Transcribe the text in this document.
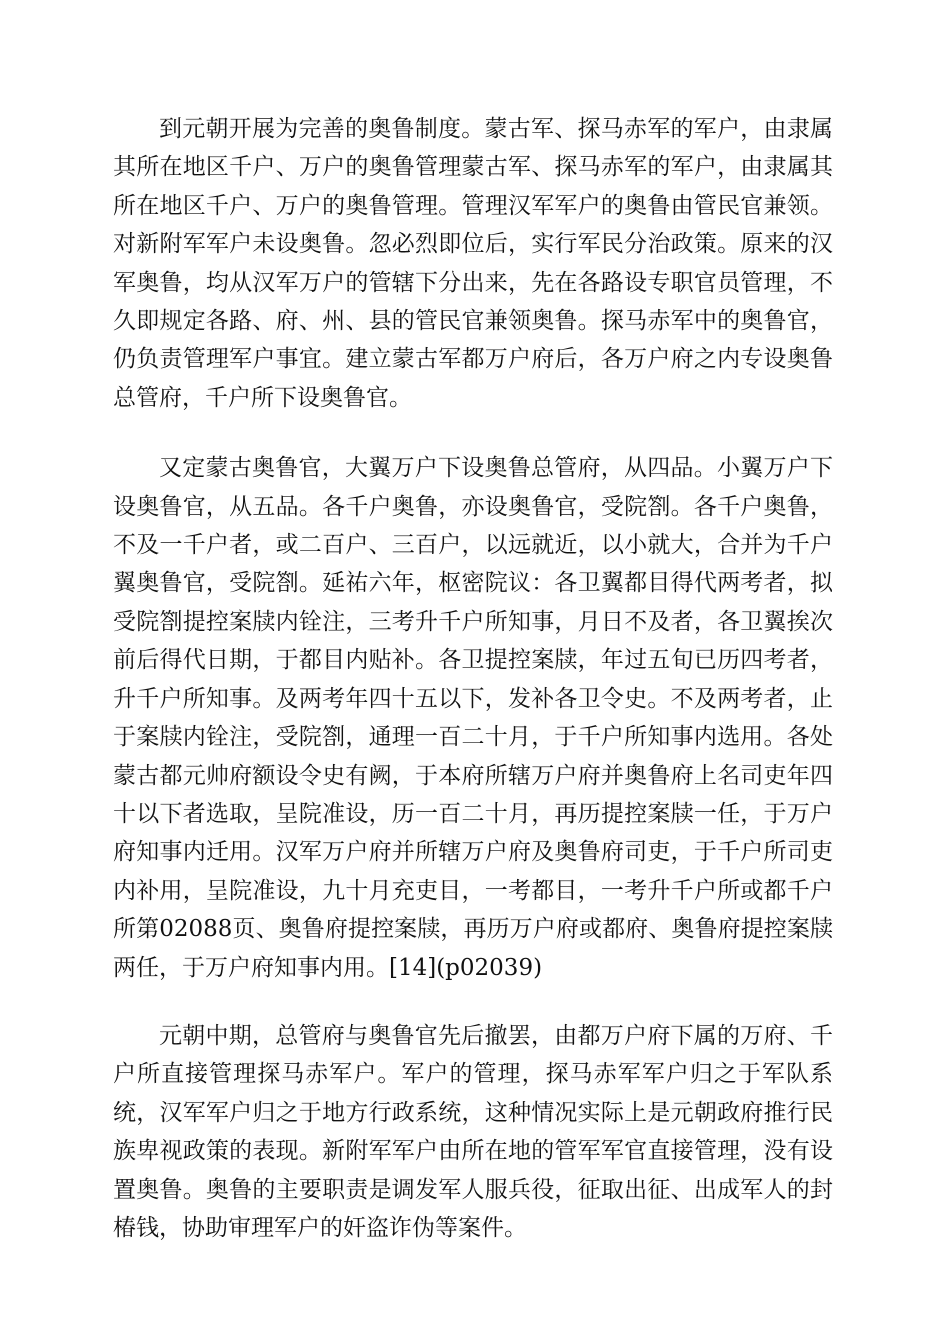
到元朝开展为完善的奥鲁制度。蒙古军、探马赤军的军户，由隶属其所在地区千户、万户的奥鲁管理蒙古军、探马赤军的军户，由隶属其所在地区千户、万户的奥鲁管理。管理汉军军户的奥鲁由管民官兼领。对新附军军户未设奥鲁。忽必烈即位后，实行军民分治政策。原来的汉军奥鲁，均从汉军万户的管辖下分出来，先在各路设专职官员管理，不久即规定各路、府、州、县的管民官兼领奥鲁。探马赤军中的奥鲁官，仍负责管理军户事宜。建立蒙古军都万户府后，各万户府之内专设奥鲁总管府，千户所下设奥鲁官。

又定蒙古奥鲁官，大翼万户下设奥鲁总管府，从四品。小翼万户下设奥鲁官，从五品。各千户奥鲁，亦设奥鲁官，受院劄。各千户奥鲁，不及一千户者，或二百户、三百户，以远就近，以小就大，合并为千户翼奥鲁官，受院劄。延祐六年，枢密院议：各卫翼都目得代两考者，拟受院劄提控案牍内铨注，三考升千户所知事，月日不及者，各卫翼挨次前后得代日期，于都目内贴补。各卫提控案牍，年过五旬已历四考者，升千户所知事。及两考年四十五以下，发补各卫令史。不及两考者，止于案牍内铨注，受院劄，通理一百二十月，于千户所知事内选用。各处蒙古都元帅府额设令史有阙，于本府所辖万户府并奥鲁府上名司吏年四十以下者选取，呈院准设，历一百二十月，再历提控案牍一任，于万户府知事内迁用。汉军万户府并所辖万户府及奥鲁府司吏，于千户所司吏内补用，呈院准设，九十月充吏目，一考都目，一考升千户所或都千户所第02088页、奥鲁府提控案牍，再历万户府或都府、奥鲁府提控案牍两任，于万户府知事内用。[14](p02039)

元朝中期，总管府与奥鲁官先后撤罢，由都万户府下属的万府、千户所直接管理探马赤军户。军户的管理，探马赤军军户归之于军队系统，汉军军户归之于地方行政系统，这种情况实际上是元朝政府推行民族卑视政策的表现。新附军军户由所在地的管军军官直接管理，没有设置奥鲁。奥鲁的主要职责是调发军人服兵役，征取出征、出成军人的封椿钱，协助审理军户的奸盗诈伪等案件。
